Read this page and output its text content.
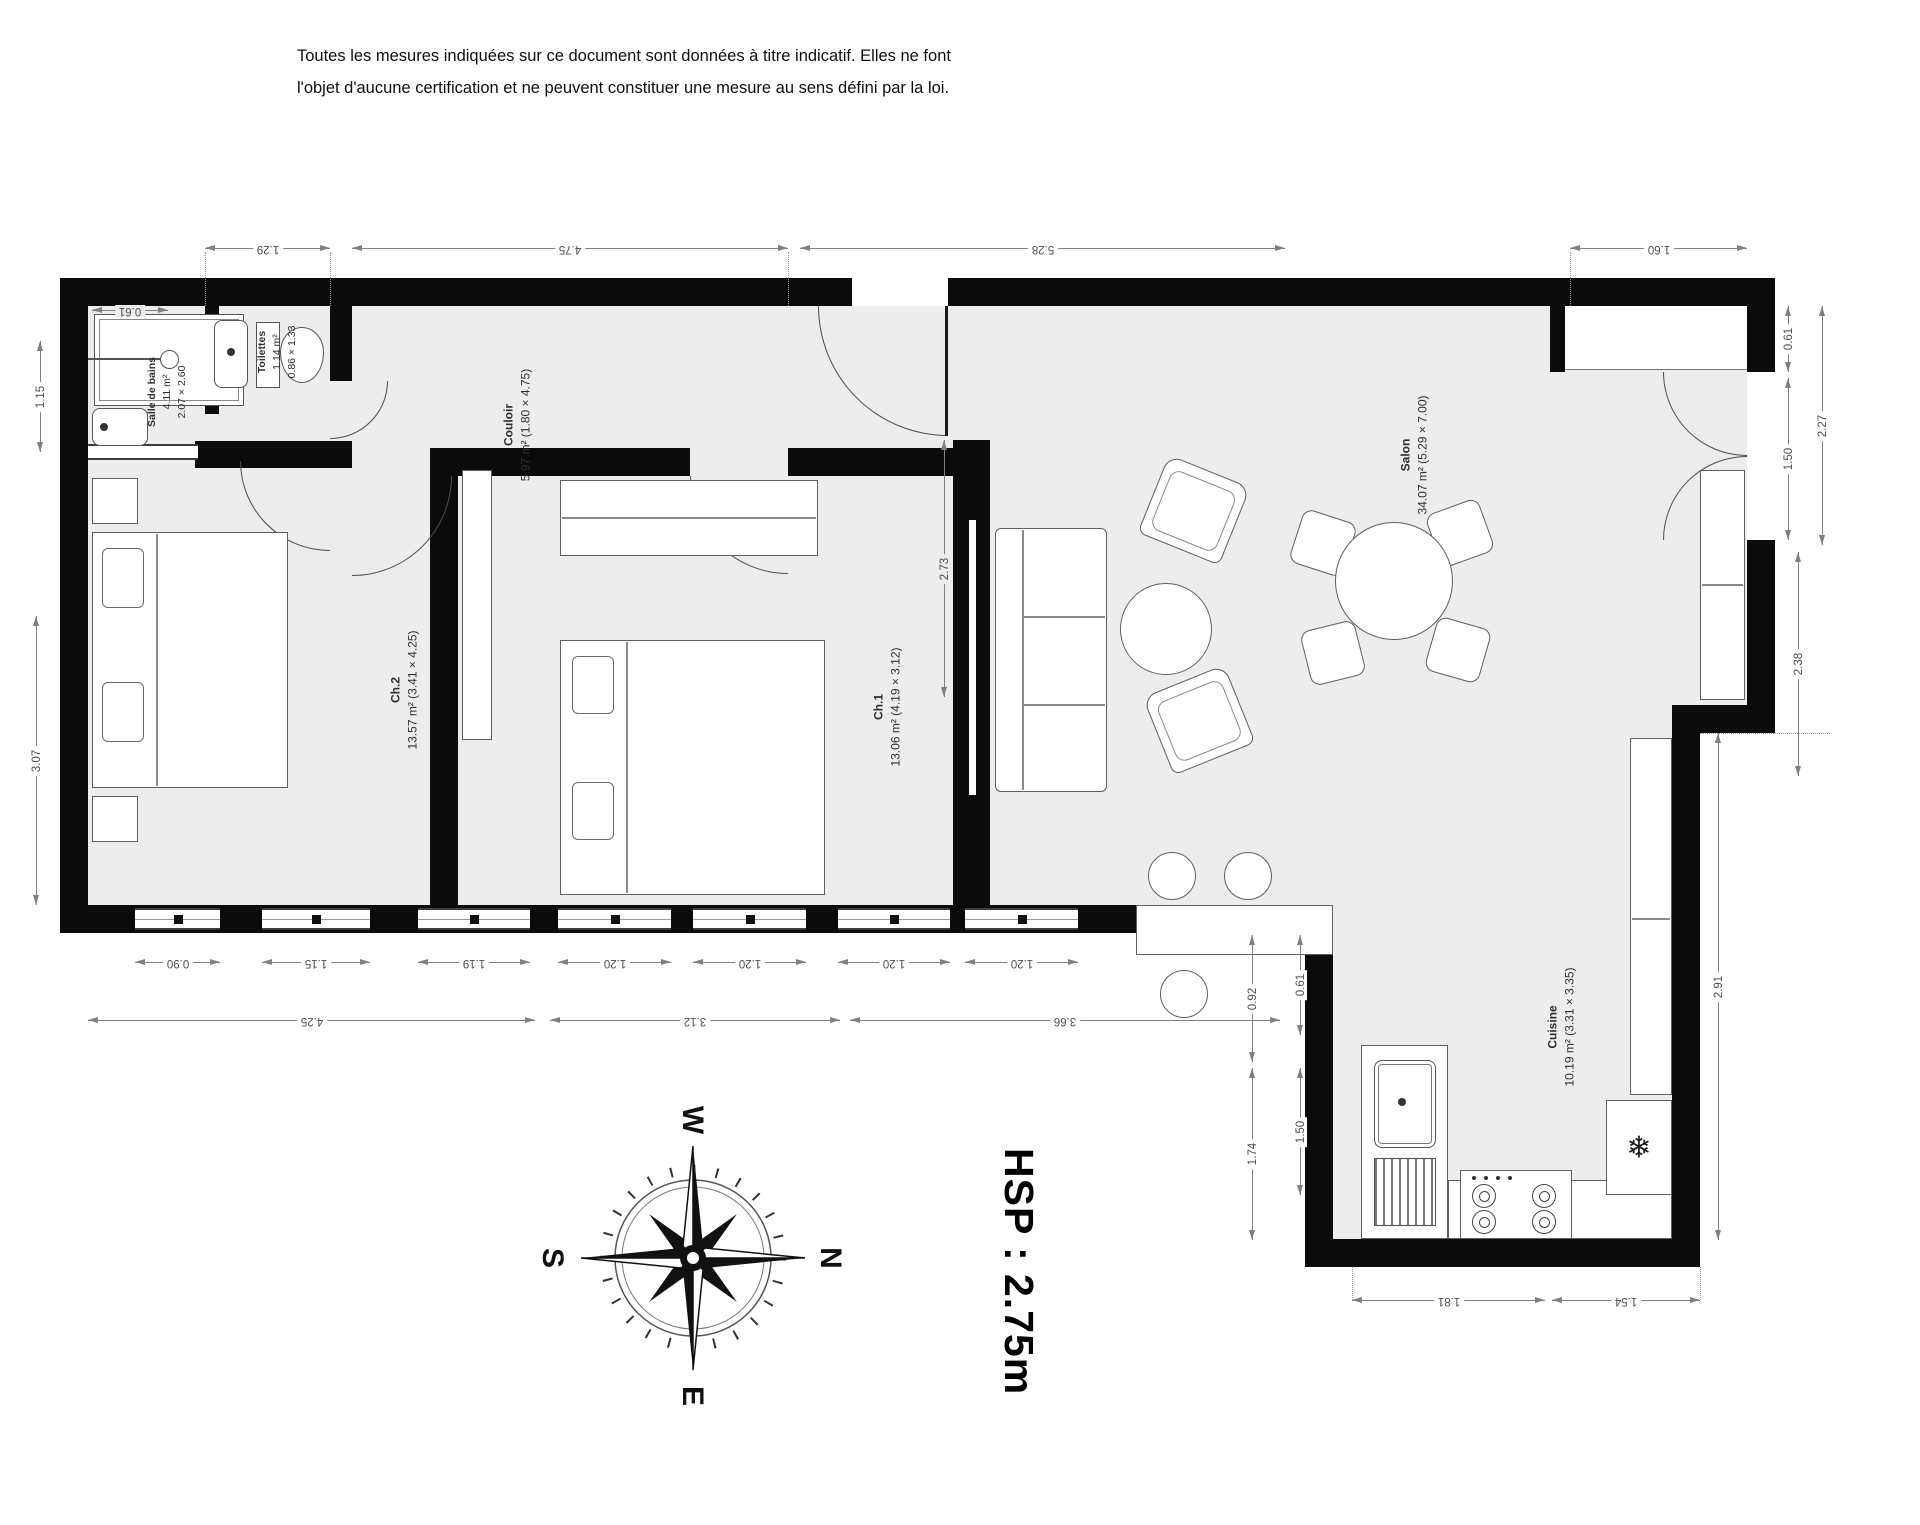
Toutes les mesures indiquées sur ce document sont données à titre indicatif. Elles ne font
l'objet d'aucune certification et ne peuvent constituer une mesure au sens défini par la loi.
❄
Salle de bains 4.11 m² 2.07 × 2.60
Toilettes 1.14 m² 0.86 × 1.33
Couloir 5.97 m² (1.80 × 4.75)
Ch.2 13.57 m² (3.41 × 4.25)	Ch.1 13.06 m² (4.19 × 3.12)
Salon 34.07 m² (5.29 × 7.00)
Cuisine 10.19 m² (3.31 × 3.35)
1.29	4.75	5.28	1.60
0.61
1.15
3.07
0.90	1.15	1.19	1.20	1.20	1.20	1.20
4.25	3.12	3.66
0.92
0.61
1.74
1.50
1.81	1.54
0.61
2.27
1.50
2.38
2.91
2.73
N
E
S
W
HSP : 2.75m
